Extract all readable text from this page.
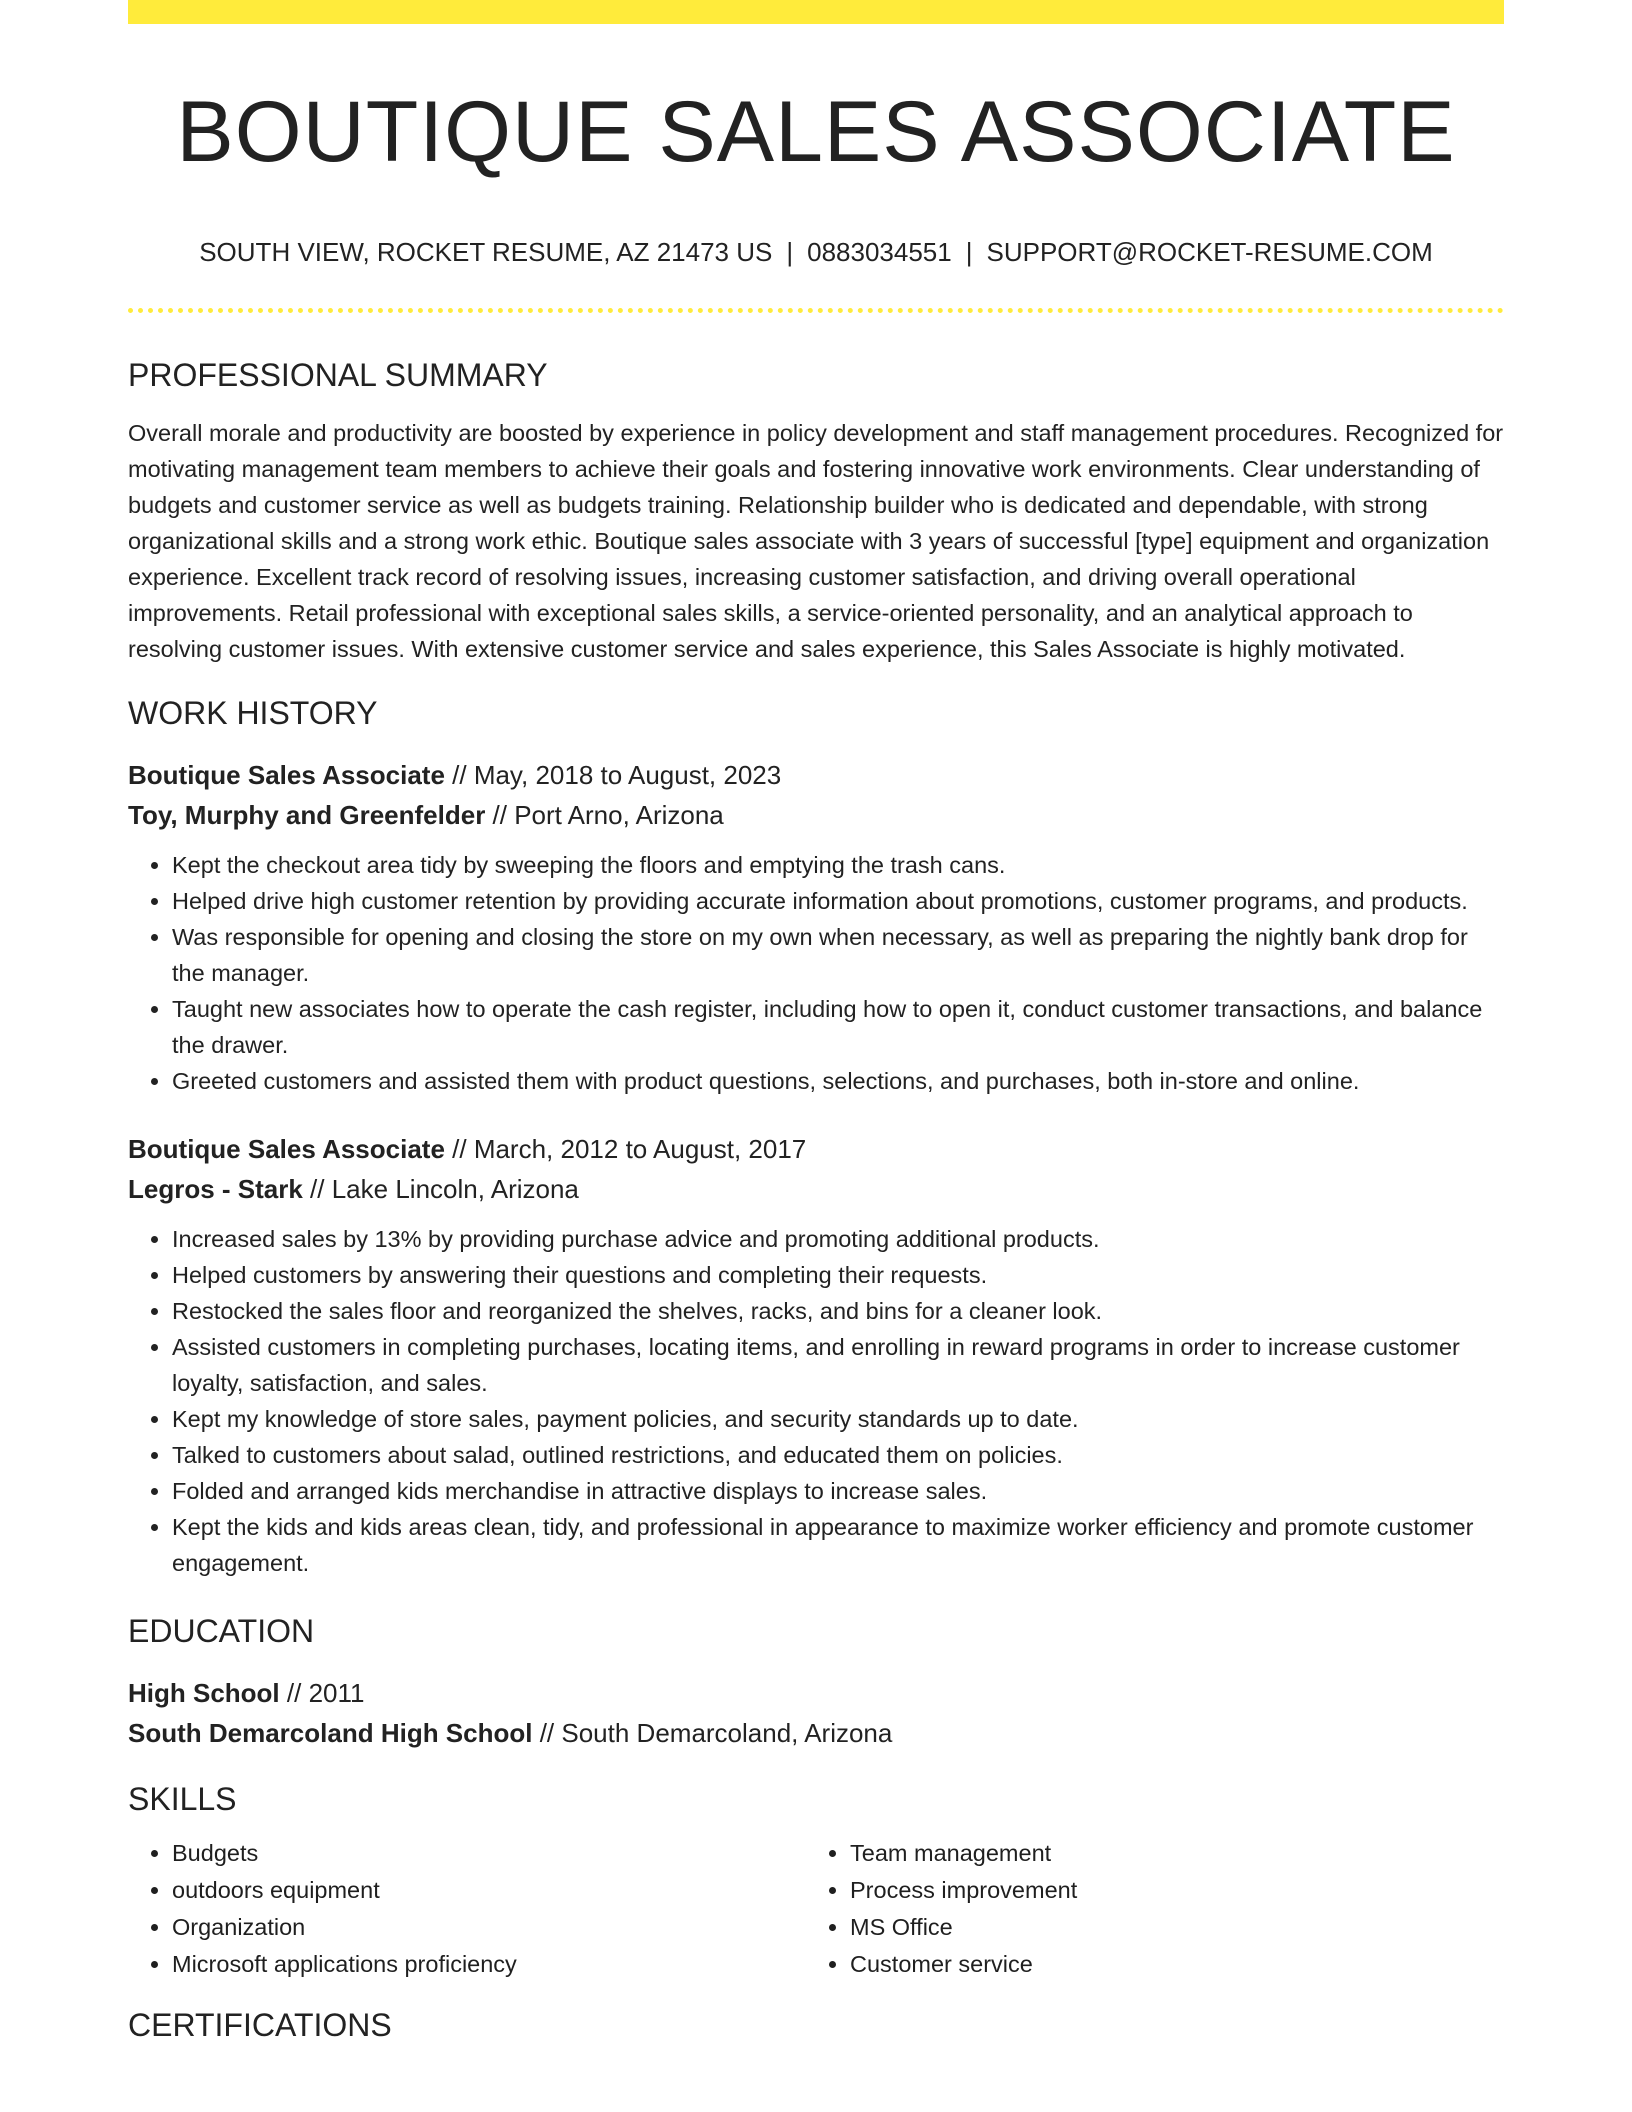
BOUTIQUE SALES ASSOCIATE
SOUTH VIEW, ROCKET RESUME, AZ 21473 US | 0883034551 | SUPPORT@ROCKET-RESUME.COM
PROFESSIONAL SUMMARY
Overall morale and productivity are boosted by experience in policy development and staff management procedures. Recognized for motivating management team members to achieve their goals and fostering innovative work environments. Clear understanding of budgets and customer service as well as budgets training. Relationship builder who is dedicated and dependable, with strong organizational skills and a strong work ethic. Boutique sales associate with 3 years of successful [type] equipment and organization experience. Excellent track record of resolving issues, increasing customer satisfaction, and driving overall operational improvements. Retail professional with exceptional sales skills, a service-oriented personality, and an analytical approach to resolving customer issues. With extensive customer service and sales experience, this Sales Associate is highly motivated.
WORK HISTORY
Boutique Sales Associate // May, 2018 to August, 2023
Toy, Murphy and Greenfelder // Port Arno, Arizona
• Kept the checkout area tidy by sweeping the floors and emptying the trash cans.
• Helped drive high customer retention by providing accurate information about promotions, customer programs, and products.
• Was responsible for opening and closing the store on my own when necessary, as well as preparing the nightly bank drop for the manager.
• Taught new associates how to operate the cash register, including how to open it, conduct customer transactions, and balance the drawer.
• Greeted customers and assisted them with product questions, selections, and purchases, both in-store and online.
Boutique Sales Associate // March, 2012 to August, 2017
Legros - Stark // Lake Lincoln, Arizona
• Increased sales by 13% by providing purchase advice and promoting additional products.
• Helped customers by answering their questions and completing their requests.
• Restocked the sales floor and reorganized the shelves, racks, and bins for a cleaner look.
• Assisted customers in completing purchases, locating items, and enrolling in reward programs in order to increase customer loyalty, satisfaction, and sales.
• Kept my knowledge of store sales, payment policies, and security standards up to date.
• Talked to customers about salad, outlined restrictions, and educated them on policies.
• Folded and arranged kids merchandise in attractive displays to increase sales.
• Kept the kids and kids areas clean, tidy, and professional in appearance to maximize worker efficiency and promote customer engagement.
EDUCATION
High School // 2011
South Demarcoland High School // South Demarcoland, Arizona
SKILLS
• Budgets
• outdoors equipment
• Organization
• Microsoft applications proficiency
• Team management
• Process improvement
• MS Office
• Customer service
CERTIFICATIONS
